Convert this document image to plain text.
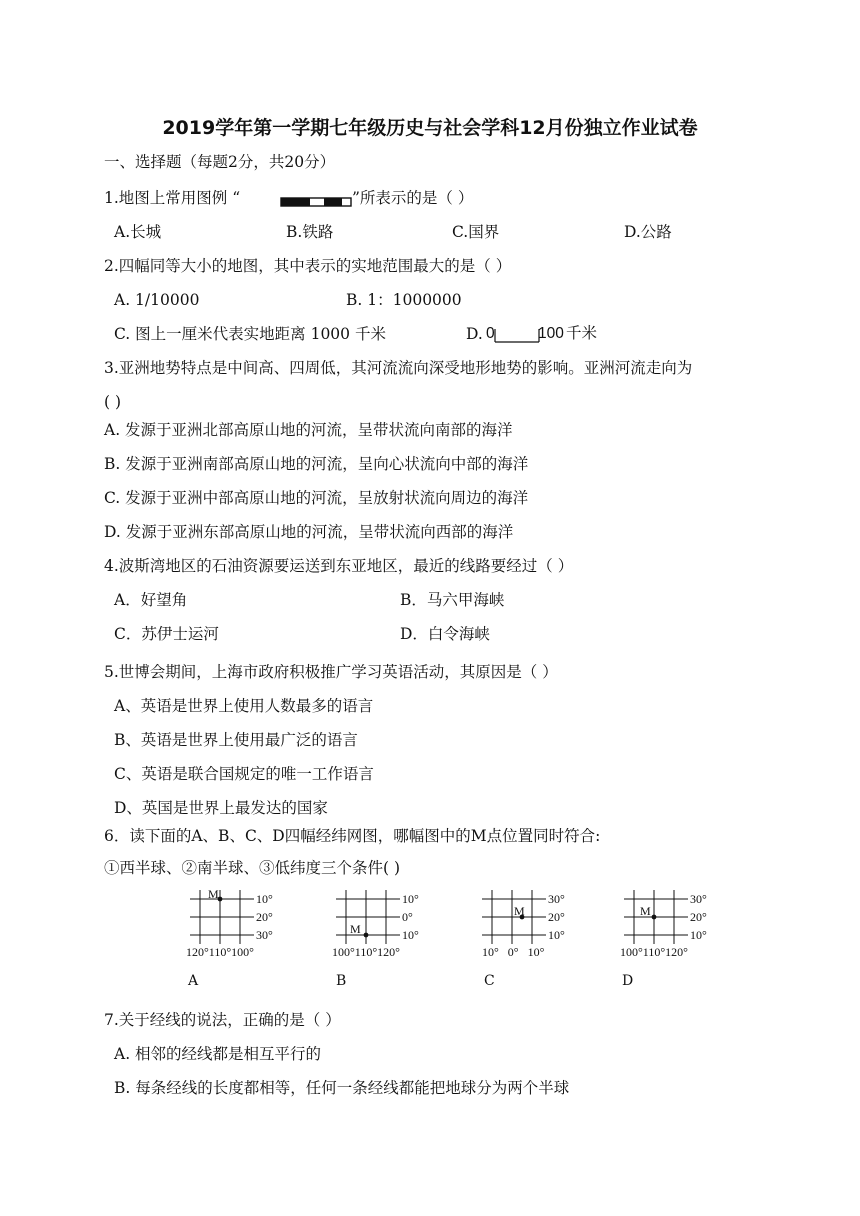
2019学年第一学期七年级历史与社会学科12月份独立作业试卷
一、选择题（每题2分，共20分）
1.地图上常用图例 “	”所表示的是（ ）
A.长城	B.铁路	C.国界	D.公路
2.四幅同等大小的地图，其中表示的实地范围最大的是（ ）
A. 1/10000	B. 1：1000000
C. 图上一厘米代表实地距离 1000 千米	D. 0	100 千米
3.亚洲地势特点是中间高、四周低，其河流流向深受地形地势的影响。亚洲河流走向为
( )
A. 发源于亚洲北部高原山地的河流，呈带状流向南部的海洋
B. 发源于亚洲南部高原山地的河流，呈向心状流向中部的海洋
C. 发源于亚洲中部高原山地的河流，呈放射状流向周边的海洋
D. 发源于亚洲东部高原山地的河流，呈带状流向西部的海洋
4.波斯湾地区的石油资源要运送到东亚地区，最近的线路要经过（ ）
A．好望角	B．马六甲海峡
C．苏伊士运河	D．白令海峡
5.世博会期间，上海市政府积极推广学习英语活动，其原因是（ ）
A、英语是世界上使用人数最多的语言
B、英语是世界上使用最广泛的语言
C、英语是联合国规定的唯一工作语言
D、英国是世界上最发达的国家
6．读下面的A、B、C、D四幅经纬网图，哪幅图中的M点位置同时符合:
①西半球、②南半球、③低纬度三个条件( )
M	10°
20°
30°
120°110°100°
A
M
10°
0°
10°
100°110°120°
B
M
30°
20°
10°
10°   0°   10°
C
M
30°
20°
10°
100°110°120°
D
7.关于经线的说法，正确的是（ ）
A. 相邻的经线都是相互平行的
B. 每条经线的长度都相等，任何一条经线都能把地球分为两个半球
